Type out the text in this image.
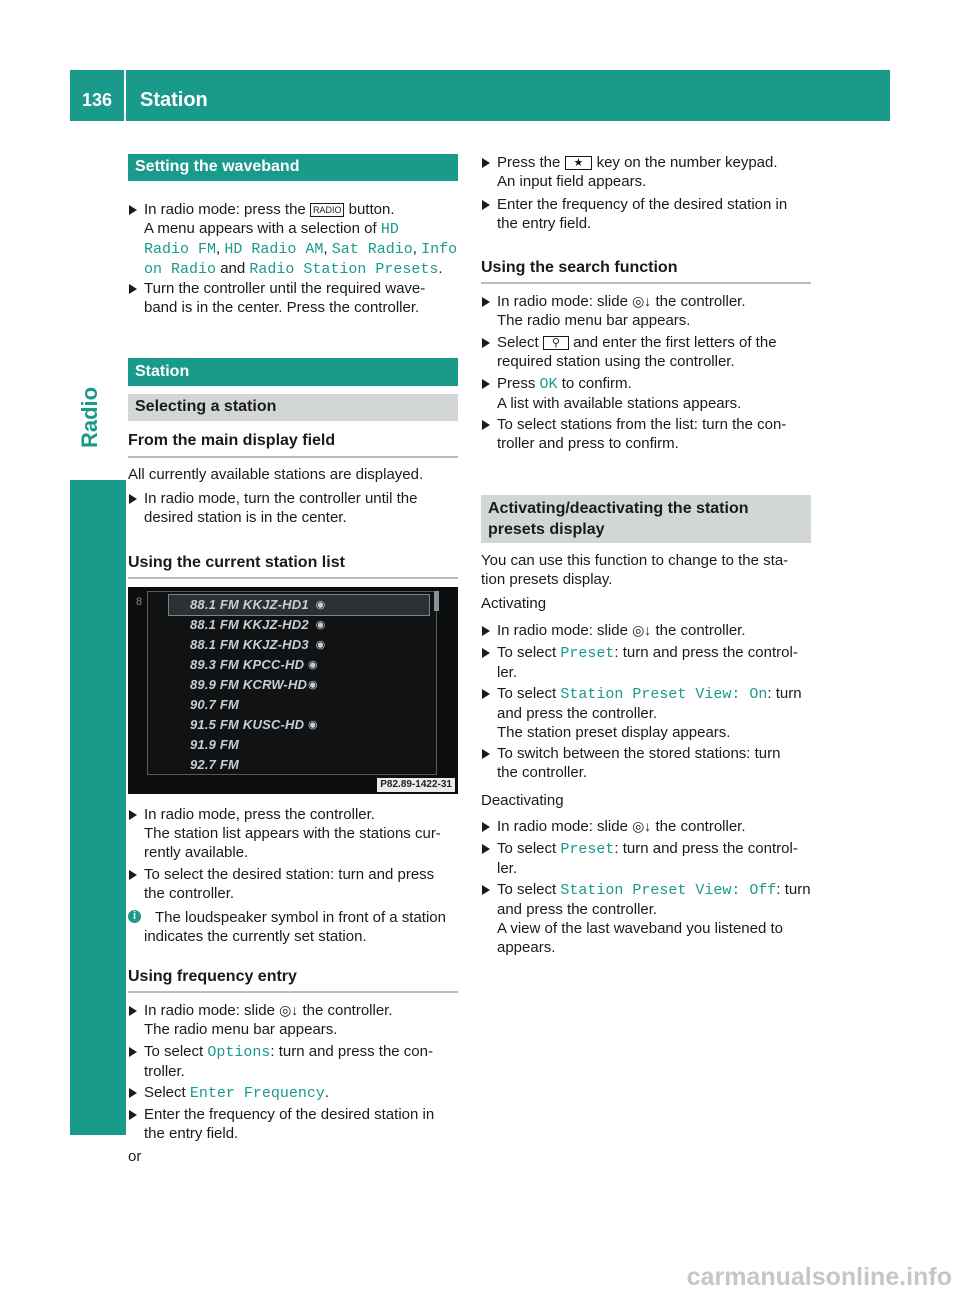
136	Station
Radio
Setting the waveband
In radio mode: press the RADIO button.
A menu appears with a selection of HD
Radio FM, HD Radio AM, Sat Radio, Info
on Radio and Radio Station Presets.
Turn the controller until the required wave-
band is in the center. Press the controller.
Station
Selecting a station
From the main display field
All currently available stations are displayed.
In radio mode, turn the controller until the
desired station is in the center.
Using the current station list
8	88.1 FM KKJZ-HD1 ◉
88.1 FM KKJZ-HD2 ◉
88.1 FM KKJZ-HD3 ◉
89.3 FM KPCC-HD ◉
89.9 FM KCRW-HD ◉
90.7 FM
91.5 FM KUSC-HD ◉
91.9 FM
92.7 FM
P82.89-1422-31
In radio mode, press the controller.
The station list appears with the stations cur-
rently available.
To select the desired station: turn and press
the controller.
i	The loudspeaker symbol in front of a station
indicates the currently set station.
Using frequency entry
In radio mode: slide ◎↓ the controller.
The radio menu bar appears.
To select Options: turn and press the con-
troller.
Select Enter Frequency.
Enter the frequency of the desired station in
the entry field.
or
Press the ★ key on the number keypad.
An input field appears.
Enter the frequency of the desired station in
the entry field.
Using the search function
In radio mode: slide ◎↓ the controller.
The radio menu bar appears.
Select ⚲ and enter the first letters of the
required station using the controller.
Press OK to confirm.
A list with available stations appears.
To select stations from the list: turn the con-
troller and press to confirm.
Activating/deactivating the station
presets display
You can use this function to change to the sta-
tion presets display.
Activating
In radio mode: slide ◎↓ the controller.
To select Preset: turn and press the control-
ler.
To select Station Preset View: On: turn
and press the controller.
The station preset display appears.
To switch between the stored stations: turn
the controller.
Deactivating
In radio mode: slide ◎↓ the controller.
To select Preset: turn and press the control-
ler.
To select Station Preset View: Off: turn
and press the controller.
A view of the last waveband you listened to
appears.
carmanualsonline.info
